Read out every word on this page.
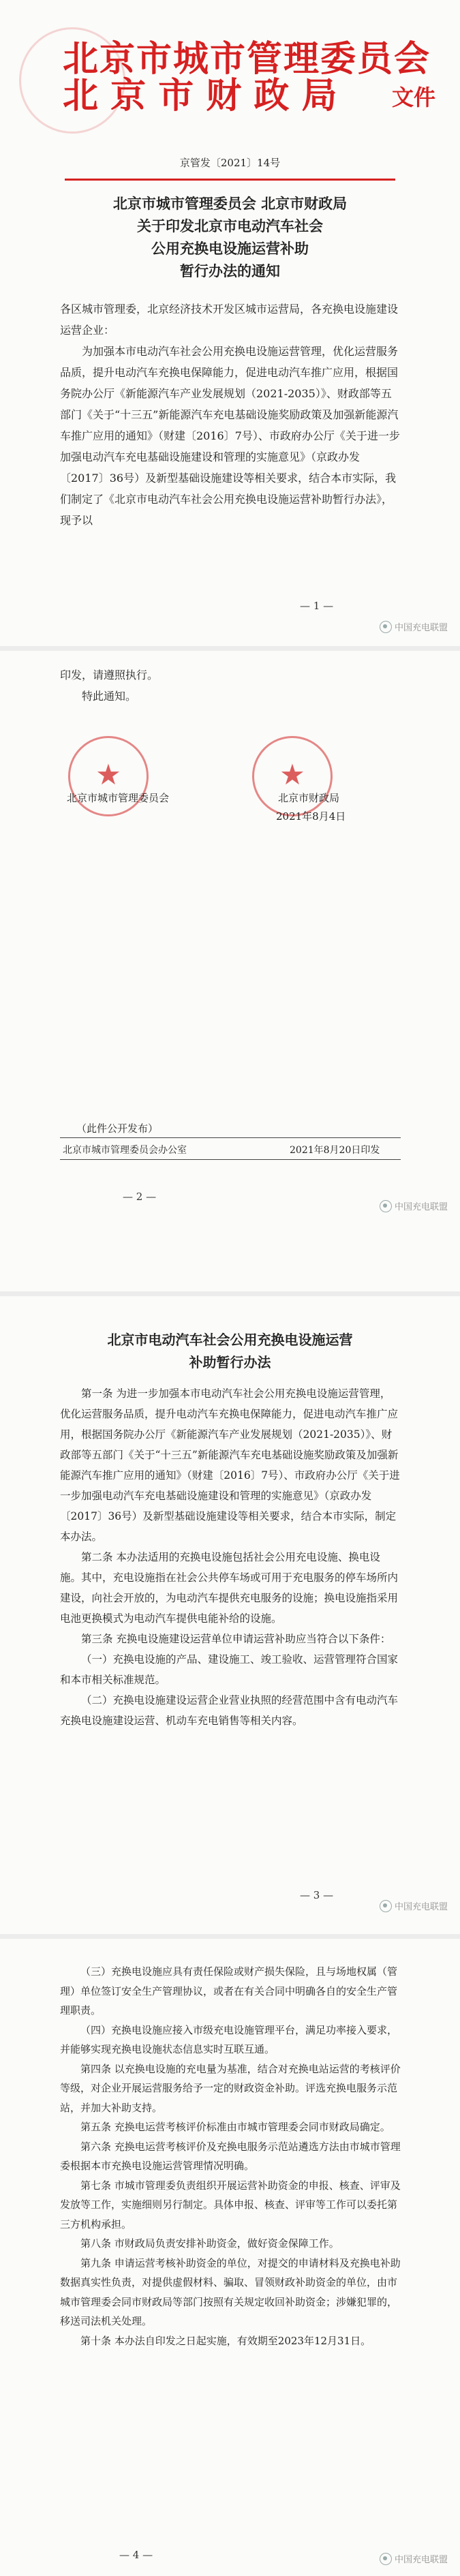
北京市城市管理委员会
北 京 市 财 政 局	文件
京管发〔2021〕14号
北京市城市管理委员会 北京市财政局
关于印发北京市电动汽车社会
公用充换电设施运营补助
暂行办法的通知

各区城市管理委，北京经济技术开发区城市运营局，各充换电设施建设运营企业：

为加强本市电动汽车社会公用充换电设施运营管理，优化运营服务品质，提升电动汽车充换电保障能力，促进电动汽车推广应用，根据国务院办公厅《新能源汽车产业发展规划（2021-2035）》、财政部等五部门《关于“十三五”新能源汽车充电基础设施奖励政策及加强新能源汽车推广应用的通知》（财建〔2016〕7号）、市政府办公厅《关于进一步加强电动汽车充电基础设施建设和管理的实施意见》（京政办发〔2017〕36号）及新型基础设施建设等相关要求，结合本市实际，我们制定了《北京市电动汽车社会公用充换电设施运营补助暂行办法》，现予以

— 1 —
中国充电联盟

印发，请遵照执行。

特此通知。

★	★
北京市城市管理委员会	北京市财政局
2021年8月4日
（此件公开发布）
北京市城市管理委员会办公室	2021年8月20日印发
— 2 —
中国充电联盟
北京市电动汽车社会公用充换电设施运营
补助暂行办法

第一条 为进一步加强本市电动汽车社会公用充换电设施运营管理，优化运营服务品质，提升电动汽车充换电保障能力，促进电动汽车推广应用，根据国务院办公厅《新能源汽车产业发展规划（2021-2035）》、财政部等五部门《关于“十三五”新能源汽车充电基础设施奖励政策及加强新能源汽车推广应用的通知》（财建〔2016〕7号）、市政府办公厅《关于进一步加强电动汽车充电基础设施建设和管理的实施意见》（京政办发〔2017〕36号）及新型基础设施建设等相关要求，结合本市实际，制定本办法。

第二条 本办法适用的充换电设施包括社会公用充电设施、换电设施。其中，充电设施指在社会公共停车场或可用于充电服务的停车场所内建设，向社会开放的，为电动汽车提供充电服务的设施；换电设施指采用电池更换模式为电动汽车提供电能补给的设施。

第三条 充换电设施建设运营单位申请运营补助应当符合以下条件：

（一）充换电设施的产品、建设施工、竣工验收、运营管理符合国家和本市相关标准规范。

（二）充换电设施建设运营企业营业执照的经营范围中含有电动汽车充换电设施建设运营、机动车充电销售等相关内容。

— 3 —
中国充电联盟

（三）充换电设施应具有责任保险或财产损失保险，且与场地权属（管理）单位签订安全生产管理协议，或者在有关合同中明确各自的安全生产管理职责。

（四）充换电设施应接入市级充电设施管理平台，满足功率接入要求，并能够实现充换电设施状态信息实时互联互通。

第四条 以充换电设施的充电量为基准，结合对充换电站运营的考核评价等级，对企业开展运营服务给予一定的财政资金补助。评选充换电服务示范站，并加大补助支持。

第五条 充换电运营考核评价标准由市城市管理委会同市财政局确定。

第六条 充换电运营考核评价及充换电服务示范站遴选方法由市城市管理委根据本市充换电设施运营管理情况明确。

第七条 市城市管理委负责组织开展运营补助资金的申报、核查、评审及发放等工作，实施细则另行制定。具体申报、核查、评审等工作可以委托第三方机构承担。

第八条 市财政局负责安排补助资金，做好资金保障工作。

第九条 申请运营考核补助资金的单位，对提交的申请材料及充换电补助数据真实性负责，对提供虚假材料、骗取、冒领财政补助资金的单位，由市城市管理委会同市财政局等部门按照有关规定收回补助资金；涉嫌犯罪的，移送司法机关处理。

第十条 本办法自印发之日起实施，有效期至2023年12月31日。

— 4 —	中国充电联盟
